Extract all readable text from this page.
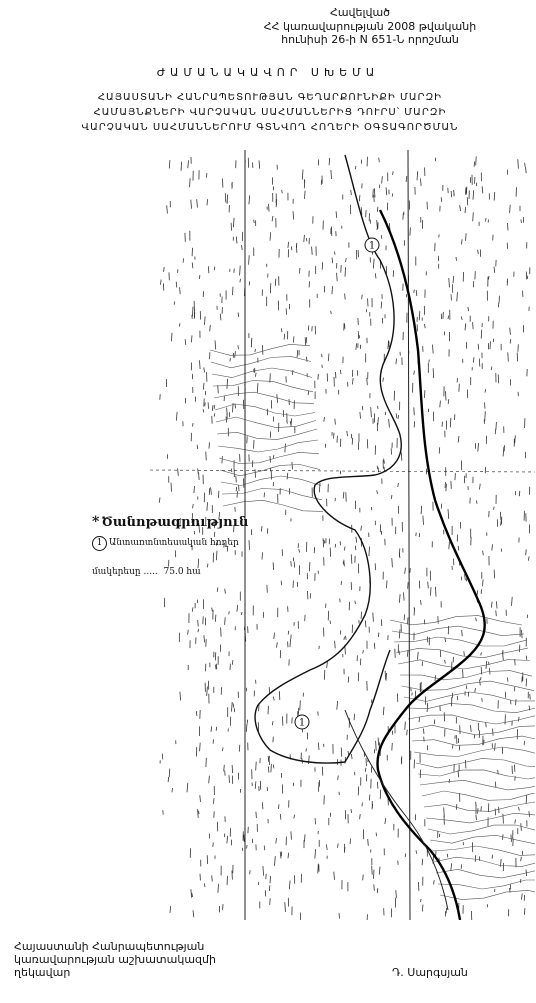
Հավելված
ՀՀ կառավարության 2008 թվականի
հունիսի 26-ի N 651-Ն որոշման
ԺԱՄԱՆԱԿԱՎՈՐ ՍԽԵՄԱ
ՀԱՅԱՍՏԱՆԻ ՀԱՆՐԱՊԵՏՈՒԹՅԱՆ ԳԵՂԱՐՔՈՒՆԻՔԻ ՄԱՐԶԻ
ՀԱՄԱՅՆՔՆԵՐԻ ՎԱՐՉԱԿԱՆ ՍԱՀՄԱՆՆԵՐԻՑ ԴՈՒՐՍ՝ ՄԱՐԶԻ
ՎԱՐՉԱԿԱՆ ՍԱՀՄԱՆՆԵՐՈՒՄ ԳՏՆՎՈՂ ՀՈՂԵՐԻ ՕԳՏԱԳՈՐԾՄԱՆ
1
1
* Ծանոթագրություն
1 Անտառտնտեսական հողեր
մակերեսը .....  75.0 հա
Հայաստանի Հանրապետության
կառավարության աշխատակազմի
ղեկավար	Դ. Սարգսյան
